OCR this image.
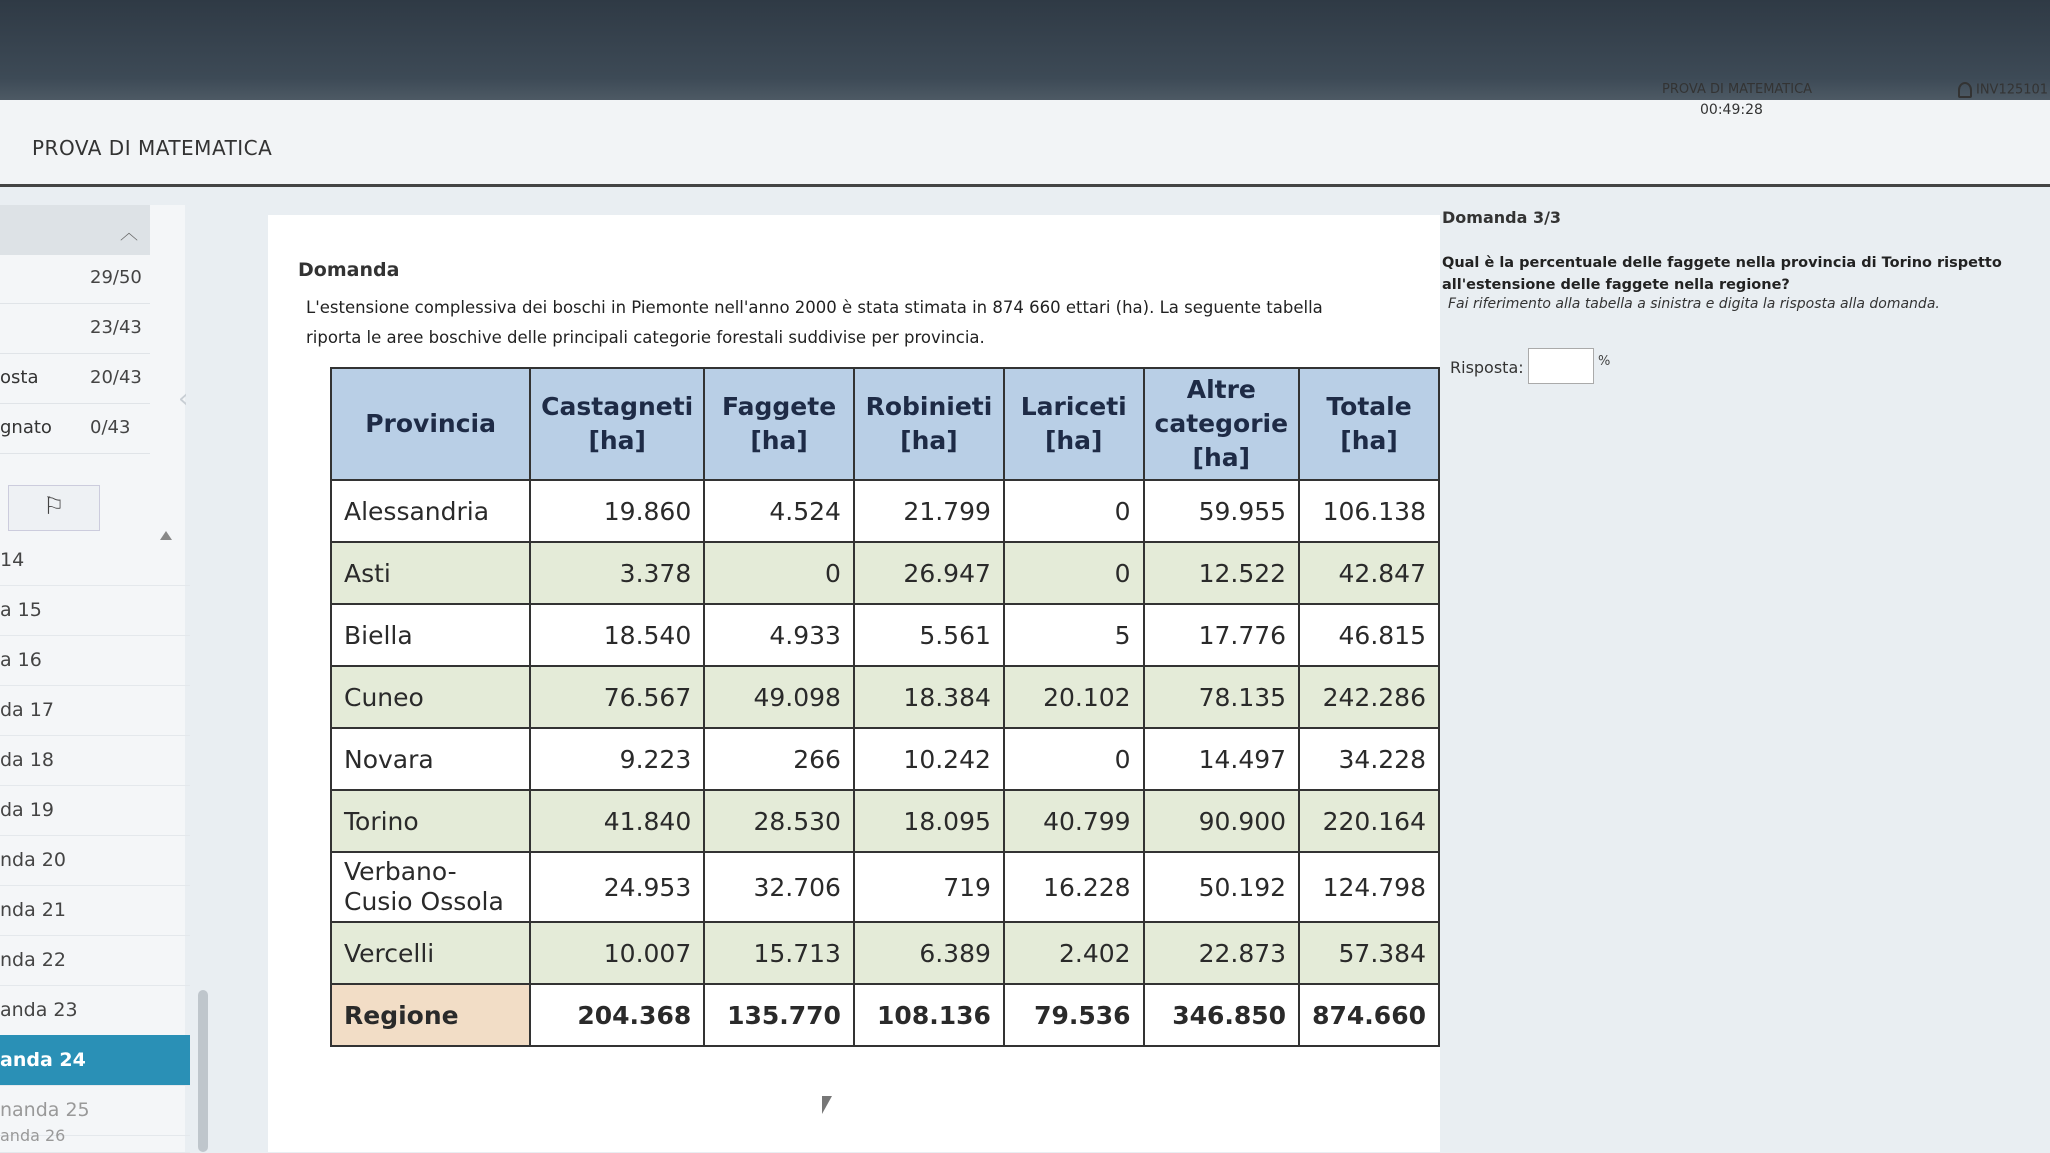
PROVA DI MATEMATICA
PROVA DI MATEMATICA
00:49:28
INV125101
︿
29/50
23/43
osta	20/43
gnato 0/43
⚐
14
a 15
a 16
da 17
da 18
da 19
nda 20
nda 21
nda 22
anda 23
anda 24
nanda 25
anda 26
‹
Domanda
L'estensione complessiva dei boschi in Piemonte nell'anno 2000 è stata stimata in 874 660 ettari (ha). La seguente tabella
riporta le aree boschive delle principali categorie forestali suddivise per provincia.
Provincia	Castagneti [ha]	Faggete [ha]	Robinieti [ha]	Lariceti [ha]	Altre categorie [ha]	Totale [ha]
Alessandria	19.860	4.524	21.799	0	59.955	106.138
Asti	3.378	0	26.947	0	12.522	42.847
Biella	18.540	4.933	5.561	5	17.776	46.815
Cuneo	76.567	49.098	18.384	20.102	78.135	242.286
Novara	9.223	266	10.242	0	14.497	34.228
Torino	41.840	28.530	18.095	40.799	90.900	220.164
Verbano-Cusio Ossola	24.953	32.706	719	16.228	50.192	124.798
Vercelli	10.007	15.713	6.389	2.402	22.873	57.384
Regione	204.368	135.770	108.136	79.536	346.850	874.660
Domanda 3/3
Qual è la percentuale delle faggete nella provincia di Torino rispetto all'estensione delle faggete nella regione?
Fai riferimento alla tabella a sinistra e digita la risposta alla domanda.
Risposta:	%
